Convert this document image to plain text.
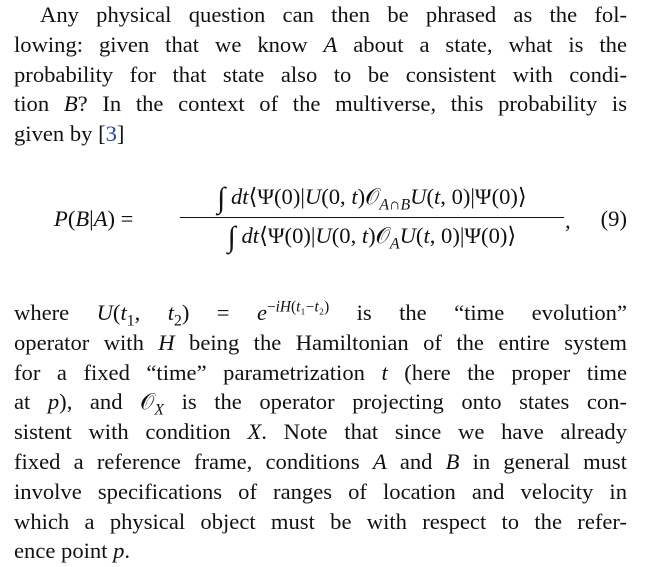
Any physical question can then be phrased as the fol-
lowing: given that we know A about a state, what is the
probability for that state also to be consistent with condi-
tion B? In the context of the multiverse, this probability is
given by [3]
P(B|A) =
∫ dt⟨Ψ(0)|U(0, t)𝒪$_{A\cap B}$U(t, 0)|Ψ(0)⟩
∫ dt⟨Ψ(0)|U(0, t)𝒪$_A$U(t, 0)|Ψ(0)⟩
, (9)
where $U(t_1$, $t_2) = e^{-iH(t_1-t_2)}$ is the “time evolution”
operator with H being the Hamiltonian of the entire system
for a fixed “time” parametrization t (here the proper time
at p), and 𝒪$_X$ is the operator projecting onto states con-
sistent with condition X. Note that since we have already
fixed a reference frame, conditions A and B in general must
involve specifications of ranges of location and velocity in
which a physical object must be with respect to the refer-
ence point p.
